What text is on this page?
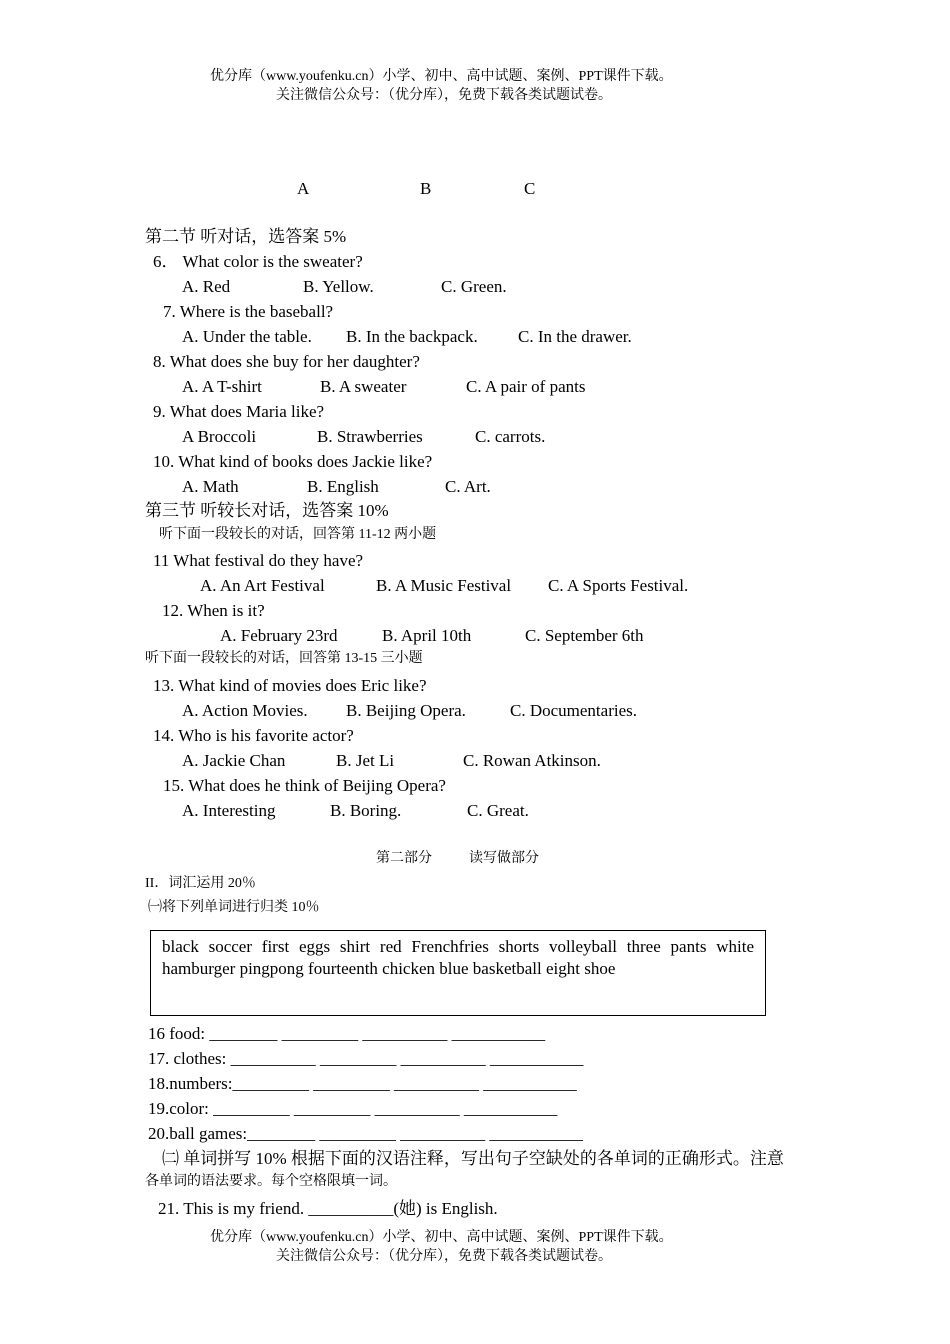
优分库（www.youfenku.cn）小学、初中、高中试题、案例、PPT课件下载。
关注微信公众号：（优分库），免费下载各类试题试卷。
A	B	C
第二节 听对话，选答案 5%
6． What color is the sweater?
A. Red	B. Yellow.	C. Green.
7. Where is the baseball?
A. Under the table. B. In the backpack. C. In the drawer.
8. What does she buy for her daughter?
A. A T-shirt	B. A sweater	C. A pair of pants
9. What does Maria like?
A Broccoli	B. Strawberries	C. carrots.
10. What kind of books does Jackie like?
A. Math	B. English	C. Art.
第三节 听较长对话，选答案 10%
听下面一段较长的对话，回答第 11-12 两小题
11 What festival do they have?
A. An Art Festival	B. A Music Festival C. A Sports Festival.
12. When is it?
A. February 23rd	B. April 10th	C. September 6th
听下面一段较长的对话，回答第 13-15 三小题
13. What kind of movies does Eric like?
A. Action Movies. B. Beijing Opera.	C. Documentaries.
14. Who is his favorite actor?
A. Jackie Chan	B. Jet Li	C. Rowan Atkinson.
15. What does he think of Beijing Opera?
A. Interesting	B. Boring.	C. Great.
第二部分	读写做部分
II．词汇运用 20％
㈠将下列单词进行归类 10％
black soccer first eggs shirt red Frenchfries shorts volleyball three pants white hamburger pingpong fourteenth chicken blue basketball eight shoe
16 food: ________ _________ __________ ___________
17. clothes: __________ _________ __________ ___________
18.numbers:_________ _________ __________ ___________
19.color: _________ _________ __________ ___________
20.ball games:________ _________ __________ ___________
㈡ 单词拼写 10% 根据下面的汉语注释，写出句子空缺处的各单词的正确形式。注意
各单词的语法要求。每个空格限填一词。
21. This is my friend. __________(她) is English.
优分库（www.youfenku.cn）小学、初中、高中试题、案例、PPT课件下载。
关注微信公众号：（优分库），免费下载各类试题试卷。
